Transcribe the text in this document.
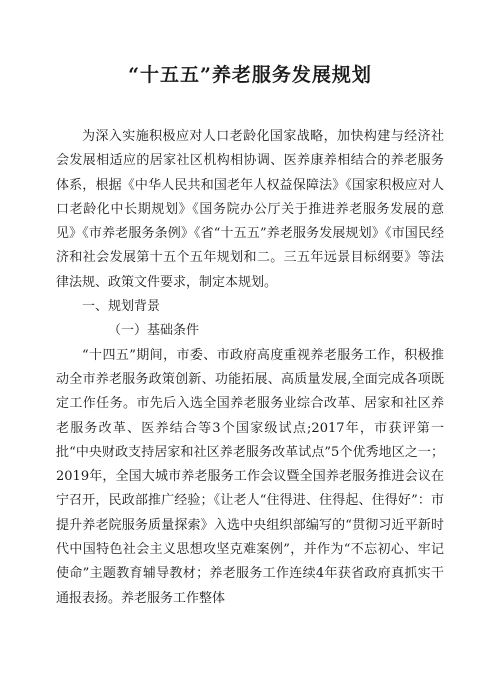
“十五五”养老服务发展规划

为深入实施积极应对人口老龄化国家战略，加快构建与经济社会发展相适应的居家社区机构相协调、医养康养相结合的养老服务体系，根据《中华人民共和国老年人权益保障法》《国家积极应对人口老龄化中长期规划》《国务院办公厅关于推进养老服务发展的意见》《市养老服务条例》《省“十五五”养老服务发展规划》《市国民经济和社会发展第十五个五年规划和二。三五年远景目标纲要》等法律法规、政策文件要求，制定本规划。

一、规划背景

（一）基础条件

“十四五”期间，市委、市政府高度重视养老服务工作，积极推动全市养老服务政策创新、功能拓展、高质量发展,全面完成各项既定工作任务。市先后入选全国养老服务业综合改革、居家和社区养老服务改革、医养结合等3个国家级试点;2017年，市获评第一批“中央财政支持居家和社区养老服务改革试点”5个优秀地区之一；2019年，全国大城市养老服务工作会议暨全国养老服务推进会议在宁召开，民政部推广经验；《让老人“住得进、住得起、住得好”：市提升养老院服务质量探索》入选中央组织部编写的“贯彻习近平新时代中国特色社会主义思想攻坚克难案例”，并作为“不忘初心、牢记使命”主题教育辅导教材；养老服务工作连续4年获省政府真抓实干通报表扬。养老服务工作整体
